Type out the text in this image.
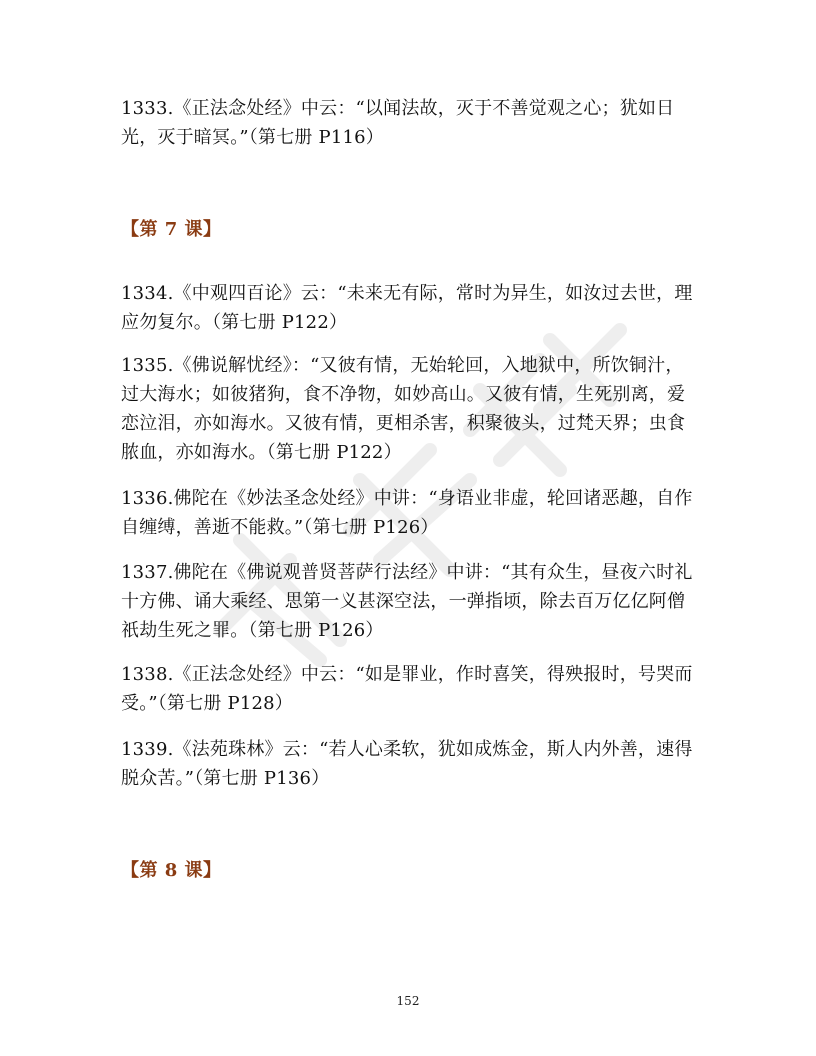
1333.《正法念处经》中云：“以闻法故，灭于不善觉观之心；犹如日光，灭于暗冥。”（第七册 P116）
【第 7 课】
1334.《中观四百论》云：“未来无有际，常时为异生，如汝过去世，理应勿复尔。（第七册 P122）
1335.《佛说解忧经》：“又彼有情，无始轮回，入地狱中，所饮铜汁，过大海水；如彼猪狗，食不净物，如妙高山。又彼有情，生死别离，爱恋泣泪，亦如海水。又彼有情，更相杀害，积聚彼头，过梵天界；虫食脓血，亦如海水。（第七册 P122）
1336.佛陀在《妙法圣念处经》中讲：“身语业非虚，轮回诸恶趣，自作自缠缚，善逝不能救。”（第七册 P126）
1337.佛陀在《佛说观普贤菩萨行法经》中讲：“其有众生，昼夜六时礼十方佛、诵大乘经、思第一义甚深空法，一弹指顷，除去百万亿亿阿僧祇劫生死之罪。（第七册 P126）
1338.《正法念处经》中云：“如是罪业，作时喜笑，得殃报时，号哭而受。”（第七册 P128）
1339.《法苑珠林》云：“若人心柔软，犹如成炼金，斯人内外善，速得脱众苦。”（第七册 P136）
【第 8 课】
152
